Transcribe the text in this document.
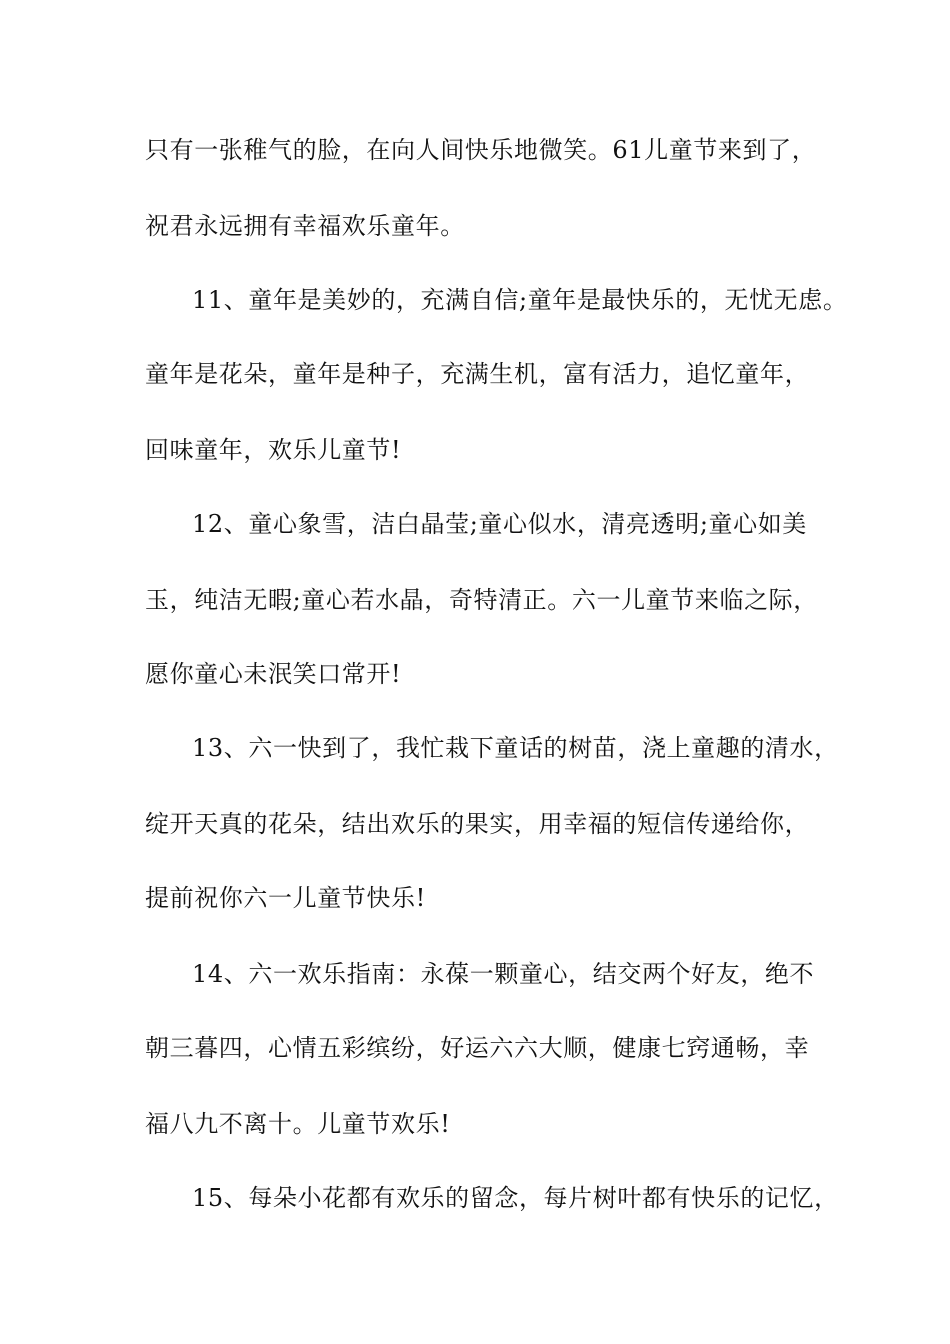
只有一张稚气的脸，在向人间快乐地微笑。61儿童节来到了，

祝君永远拥有幸福欢乐童年。

11、童年是美妙的，充满自信;童年是最快乐的，无忧无虑。

童年是花朵，童年是种子，充满生机，富有活力，追忆童年，

回味童年，欢乐儿童节!

12、童心象雪，洁白晶莹;童心似水，清亮透明;童心如美

玉，纯洁无暇;童心若水晶，奇特清正。六一儿童节来临之际，

愿你童心未泯笑口常开!

13、六一快到了，我忙栽下童话的树苗，浇上童趣的清水，

绽开天真的花朵，结出欢乐的果实，用幸福的短信传递给你，

提前祝你六一儿童节快乐!

14、六一欢乐指南：永葆一颗童心，结交两个好友，绝不

朝三暮四，心情五彩缤纷，好运六六大顺，健康七窍通畅，幸

福八九不离十。儿童节欢乐!

15、每朵小花都有欢乐的留念，每片树叶都有快乐的记忆，
